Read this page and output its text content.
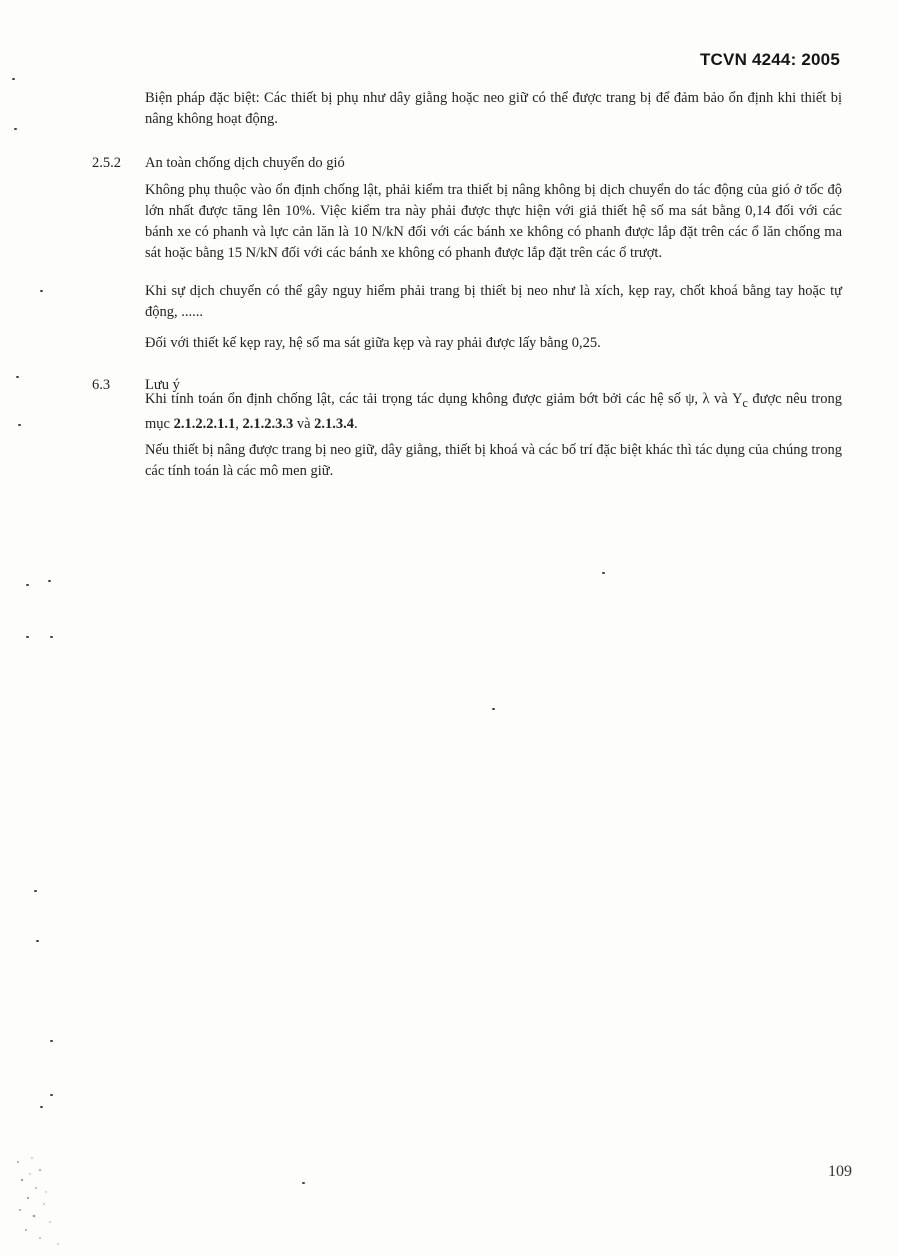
TCVN 4244: 2005
Biện pháp đặc biệt: Các thiết bị phụ như dây giằng hoặc neo giữ có thể được trang bị để đảm bảo ổn định khi thiết bị nâng không hoạt động.
2.5.2 An toàn chống dịch chuyển do gió
Không phụ thuộc vào ổn định chống lật, phải kiểm tra thiết bị nâng không bị dịch chuyển do tác động của gió ở tốc độ lớn nhất được tăng lên 10%. Việc kiểm tra này phải được thực hiện với giả thiết hệ số ma sát bằng 0,14 đối với các bánh xe có phanh và lực cản lăn là 10 N/kN đối với các bánh xe không có phanh được lắp đặt trên các ổ lăn chống ma sát hoặc bằng 15 N/kN đối với các bánh xe không có phanh được lắp đặt trên các ổ trượt.
Khi sự dịch chuyển có thể gây nguy hiểm phải trang bị thiết bị neo như là xích, kẹp ray, chốt khoá bằng tay hoặc tự động, ......
Đối với thiết kế kẹp ray, hệ số ma sát giữa kẹp và ray phải được lấy bằng 0,25.
6.3 Lưu ý
Khi tính toán ổn định chống lật, các tải trọng tác dụng không được giảm bớt bởi các hệ số ψ, λ và $\Upsilon_c$ được nêu trong mục 2.1.2.2.1.1, 2.1.2.3.3 và 2.1.3.4.
Nếu thiết bị nâng được trang bị neo giữ, dây giằng, thiết bị khoá và các bố trí đặc biệt khác thì tác dụng của chúng trong các tính toán là các mô men giữ.
109
